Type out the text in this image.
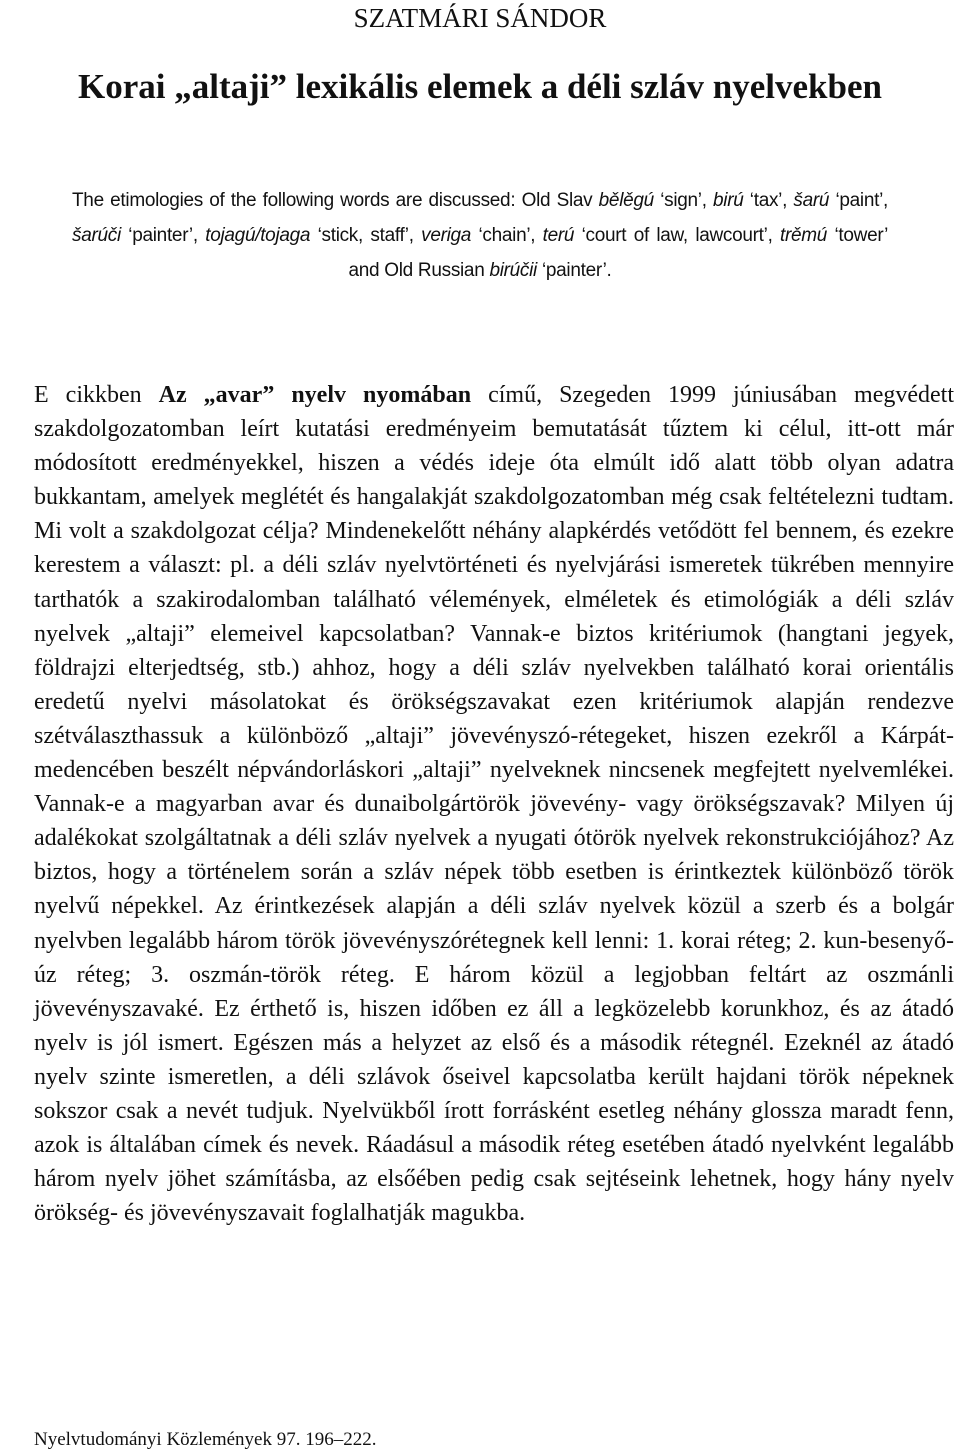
SZATMÁRI SÁNDOR
Korai „altaji” lexikális elemek a déli szláv nyelvekben
The etimologies of the following words are discussed: Old Slav bělěgú ‘sign’, birú ‘tax’, šarú ‘paint’, šarúči ‘painter’, tojagú/tojaga ‘stick, staff’, veriga ‘chain’, terú ‘court of law, lawcourt’, trěmú ‘tower’ and Old Russian birúčii ‘painter’.
E cikkben Az „avar” nyelv nyomában című, Szegeden 1999 júniusában megvédett szakdolgozatomban leírt kutatási eredményeim bemutatását tűztem ki célul, itt-ott már módosított eredményekkel, hiszen a védés ideje óta elmúlt idő alatt több olyan adatra bukkantam, amelyek meglétét és hangalakját szakdolgozatomban még csak feltételezni tudtam. Mi volt a szakdolgozat célja? Mindenekelőtt néhány alapkérdés vetődött fel bennem, és ezekre kerestem a választ: pl. a déli szláv nyelvtörténeti és nyelvjárási ismeretek tükrében mennyire tarthatók a szakirodalomban található vélemények, elméletek és etimológiák a déli szláv nyelvek „altaji” elemeivel kapcsolatban? Vannak-e biztos kritériumok (hangtani jegyek, földrajzi elterjedtség, stb.) ahhoz, hogy a déli szláv nyelvekben található korai orientális eredetű nyelvi másolatokat és örökségszavakat ezen kritériumok alapján rendezve szétválaszthassuk a különböző „altaji” jövevényszó-rétegeket, hiszen ezekről a Kárpát-medencében beszélt népvándorláskori „altaji” nyelveknek nincsenek megfejtett nyelvemlékei. Vannak-e a magyarban avar és dunaibolgártörök jövevény- vagy örökségszavak? Milyen új adalékokat szolgáltatnak a déli szláv nyelvek a nyugati ótörök nyelvek rekonstrukciójához? Az biztos, hogy a történelem során a szláv népek több esetben is érintkeztek különböző török nyelvű népekkel. Az érintkezések alapján a déli szláv nyelvek közül a szerb és a bolgár nyelvben legalább három török jövevényszórétegnek kell lenni: 1. korai réteg; 2. kun-besenyő-úz réteg; 3. oszmán-török réteg. E három közül a legjobban feltárt az oszmánli jövevényszavaké. Ez érthető is, hiszen időben ez áll a legközelebb korunkhoz, és az átadó nyelv is jól ismert. Egészen más a helyzet az első és a második rétegnél. Ezeknél az átadó nyelv szinte ismeretlen, a déli szlávok őseivel kapcsolatba került hajdani török népeknek sokszor csak a nevét tudjuk. Nyelvükből írott forrásként esetleg néhány glossza maradt fenn, azok is általában címek és nevek. Ráadásul a második réteg esetében átadó nyelvként legalább három nyelv jöhet számításba, az elsőében pedig csak sejtéseink lehetnek, hogy hány nyelv örökség- és jövevényszavait foglalhatják magukba.
Nyelvtudományi Közlemények 97. 196–222.
